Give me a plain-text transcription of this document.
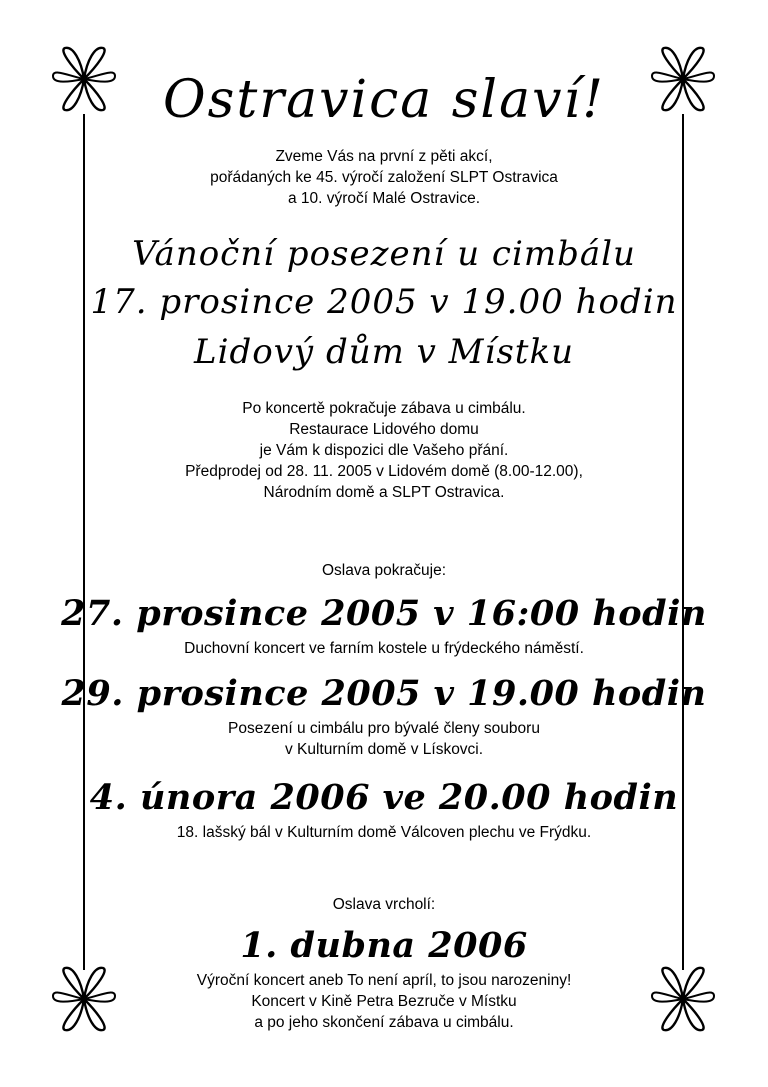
Ostravica slaví!
Zveme Vás na první z pěti akcí,
pořádaných ke 45. výročí založení SLPT Ostravica
a 10. výročí Malé Ostravice.
Vánoční posezení u cimbálu
17. prosince 2005 v 19.00 hodin
Lidový dům v Místku
Po koncertě pokračuje zábava u cimbálu.
Restaurace Lidového domu
je Vám k dispozici dle Vašeho přání.
Předprodej od 28. 11. 2005 v Lidovém domě (8.00-12.00),
Národním domě a SLPT Ostravica.
Oslava pokračuje:
27. prosince 2005 v 16:00 hodin
Duchovní koncert ve farním kostele u frýdeckého náměstí.
29. prosince 2005 v 19.00 hodin
Posezení u cimbálu pro bývalé členy souboru
v Kulturním domě v Lískovci.
4. února 2006 ve 20.00 hodin
18. lašský bál v Kulturním domě Válcoven plechu ve Frýdku.
Oslava vrcholí:
1. dubna 2006
Výroční koncert aneb To není apríl, to jsou narozeniny!
Koncert v Kině Petra Bezruče v Místku
a po jeho skončení zábava u cimbálu.
